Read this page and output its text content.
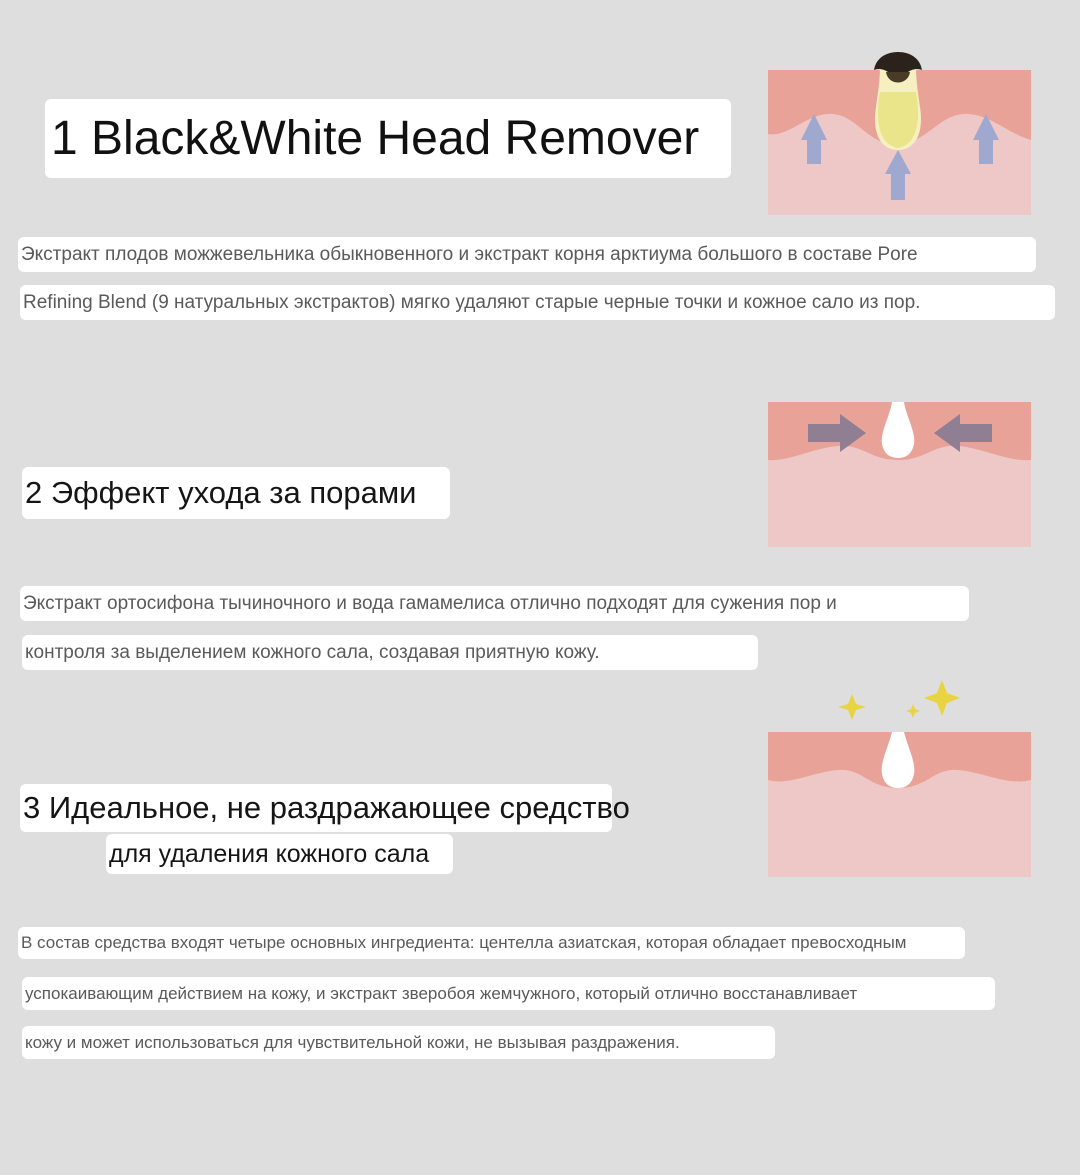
1 Black&White Head Remover
Экстракт плодов можжевельника обыкновенного и экстракт корня арктиума большого в составе Pore
Refining Blend (9 натуральных экстрактов) мягко удаляют старые черные точки и кожное сало из пор.
2 Эффект ухода за порами
Экстракт ортосифона тычиночного и вода гамамелиса отлично подходят для сужения пор и
контроля за выделением кожного сала, создавая приятную кожу.
3 Идеальное, не раздражающее средство
для удаления кожного сала
В состав средства входят четыре основных ингредиента: центелла азиатская, которая обладает превосходным
успокаивающим действием на кожу, и экстракт зверобоя жемчужного, который отлично восстанавливает
кожу и может использоваться для чувствительной кожи, не вызывая раздражения.
